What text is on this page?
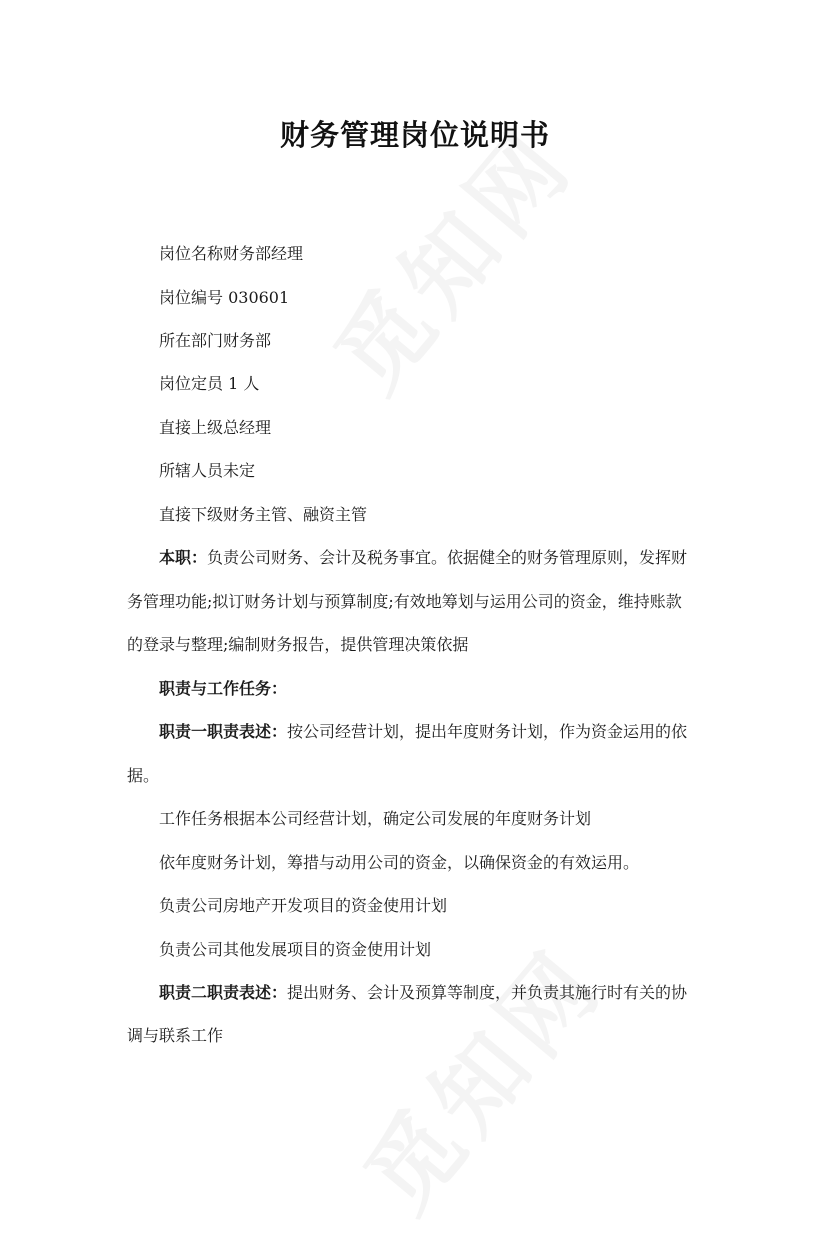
财务管理岗位说明书

岗位名称财务部经理

岗位编号 030601

所在部门财务部

岗位定员 1 人

直接上级总经理

所辖人员未定

直接下级财务主管、融资主管

本职：负责公司财务、会计及税务事宜。依据健全的财务管理原则，发挥财

务管理功能;拟订财务计划与预算制度;有效地筹划与运用公司的资金，维持账款

的登录与整理;编制财务报告，提供管理决策依据

职责与工作任务：

职责一职责表述：按公司经营计划，提出年度财务计划，作为资金运用的依

据。

工作任务根据本公司经营计划，确定公司发展的年度财务计划

依年度财务计划，筹措与动用公司的资金，以确保资金的有效运用。

负责公司房地产开发项目的资金使用计划

负责公司其他发展项目的资金使用计划

职责二职责表述：提出财务、会计及预算等制度，并负责其施行时有关的协

调与联系工作
